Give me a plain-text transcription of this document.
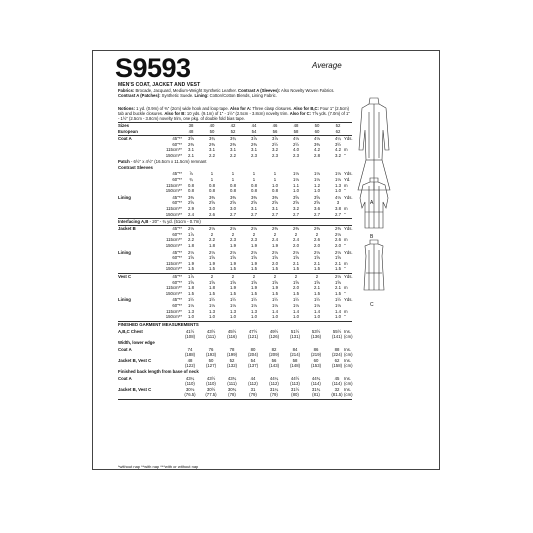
S9593	Average
MEN'S COAT, JACKET AND VEST
Fabrics: Brocade, Jacquard, Medium-Weight Synthetic Leather. Contrast A (Sleeves): Also Novelty Woven Fabrics. Contrast A (Patches): Synthetic Suede. Lining: Cotton/Cotton Blends, Lining Fabric.
Notions: 1 yd. (0.9m) of ⅜" (2cm) wide hook and loop tape. Also for A: Three clasp closures. Also for B,C: Four 1" (2.5cm) tab and buckle closures. Also for B: 10 yds. (9.1m) of 1" - 1½" (2.5cm - 3.8cm) novelty trim. Also for C: 7⅝ yds. (7.0m) of 1" - 1½" (2.5cm - 3.8cm) novelty trim, one pkg. of double fold bias tape.
Sizes	38	40	42	44	46	48	50	52
European	48	50	52	54	56	58	60	62
Coat A	45"**	3⅝	3¾	3¾	3⅞	3⅞	4⅛	4⅛	4¼ Yds.
60"**	2⅜	2⅜	2⅜	2⅜	2½	2½	3⅜	3½
115cm**	3.1	3.1	3.1	3.1	3.2	4.0	4.2	4.2 m
150cm**	2.1	2.2	2.2	2.3	2.3	2.3	2.8	3.2 "
Patch - 6½" x 4½" (16.5cm x 11.5cm) remnant
Contrast Sleeves
45"**	⅞	1	1	1	1	1⅛	1⅛	1⅛ Yds.
60"**	¾	1	1	1	1	1⅛	1⅛	1⅛ Yd.
115cm**	0.8	0.8	0.8	0.8	1.0	1.1	1.2	1.3 m
150cm**	0.8	0.8	0.8	0.8	0.8	1.0	1.0	1.0 "
Lining	45"**	3⅜	3⅜	3⅜	3⅜	3⅜	3⅝	3⅝	4⅛ Yds.
60"**	2⅝	2⅝	2⅝	2⅝	2⅝	2⅝	2⅝	3
115cm**	2.9	3.0	3.0	3.1	3.1	3.2	3.6	3.8 m
150cm**	2.4	2.6	2.7	2.7	2.7	2.7	2.7	2.7 "
Interfacing A,B - 20" - ¾ yd. (51cm - 0.7m)
Jacket B	45"**	2⅛	2⅛	2⅛	2⅛	2⅜	2⅜	2⅜	2⅜ Yds.
60"**	1⅞	2	2	2	2	2	2	2⅛
115cm**	2.2	2.2	2.3	2.3	2.4	2.4	2.6	2.6 m
150cm**	1.8	1.8	1.9	1.9	1.9	2.0	2.0	2.0 "
Lining	45"**	2⅛	2⅛	2⅛	2⅛	2⅛	2⅛	2⅛	2⅛ Yds.
60"**	1⅝	1⅝	1⅝	1⅝	1⅝	1⅝	1⅝	1⅝
115cm**	1.9	1.9	1.9	1.9	2.0	2.1	2.1	2.1 m
150cm**	1.5	1.5	1.5	1.5	1.5	1.5	1.5	1.5 "
Vest C	45"**	1⅞	2	2	2	2	2	2	2⅛ Yds.
60"**	1⅝	1⅝	1⅝	1⅝	1⅝	1⅝	1⅝	1⅝
115cm**	1.8	1.8	1.9	1.9	1.9	2.0	2.1	2.1 m
150cm**	1.5	1.5	1.5	1.5	1.5	1.5	1.5	1.5 "
Lining	45"**	1½	1½	1½	1½	1½	1½	1½	1½ Yds.
60"**	1⅛	1⅛	1⅛	1⅛	1⅛	1⅛	1⅛	1⅛
115cm**	1.3	1.3	1.3	1.3	1.4	1.4	1.4	1.4 m
150cm**	1.0	1.0	1.0	1.0	1.0	1.0	1.0	1.0 "
FINISHED GARMENT MEASUREMENTS
A,B,C Chest	41½	43½	45½	47½	49½	51½	53½	55½ Ins.
(108)	(111)	(116)	(121)	(126)	(131)	(136)	(141) (cm)
Width, lower edge
Coat A	74	76	78	80	82	84	86	88	Ins.
(188)	(193)	(199)	(204)	(209)	(214)	(219)	(224) (cm)
Jacket B, Vest C	48	50	52	54	56	58	60	62	Ins.
(122)	(127)	(132)	(137)	(143)	(148)	(153)	(158) (cm)
Finished back length from base of neck
Coat A	43¼	43½	43¾	44	44¼	44½	44¾	45	Ins.
(110)	(110)	(111)	(112)	(112)	(113)	(114)	(114) (cm)
Jacket B, Vest C	30⅛	30½	30¾	31	31¼	31½	31¾	32	Ins.
(76.5)	(77.5)	(78)	(79)	(79)	(80)	(81)	(81.5) (cm)
*without nap **with nap ***with or without nap
A
B
C
